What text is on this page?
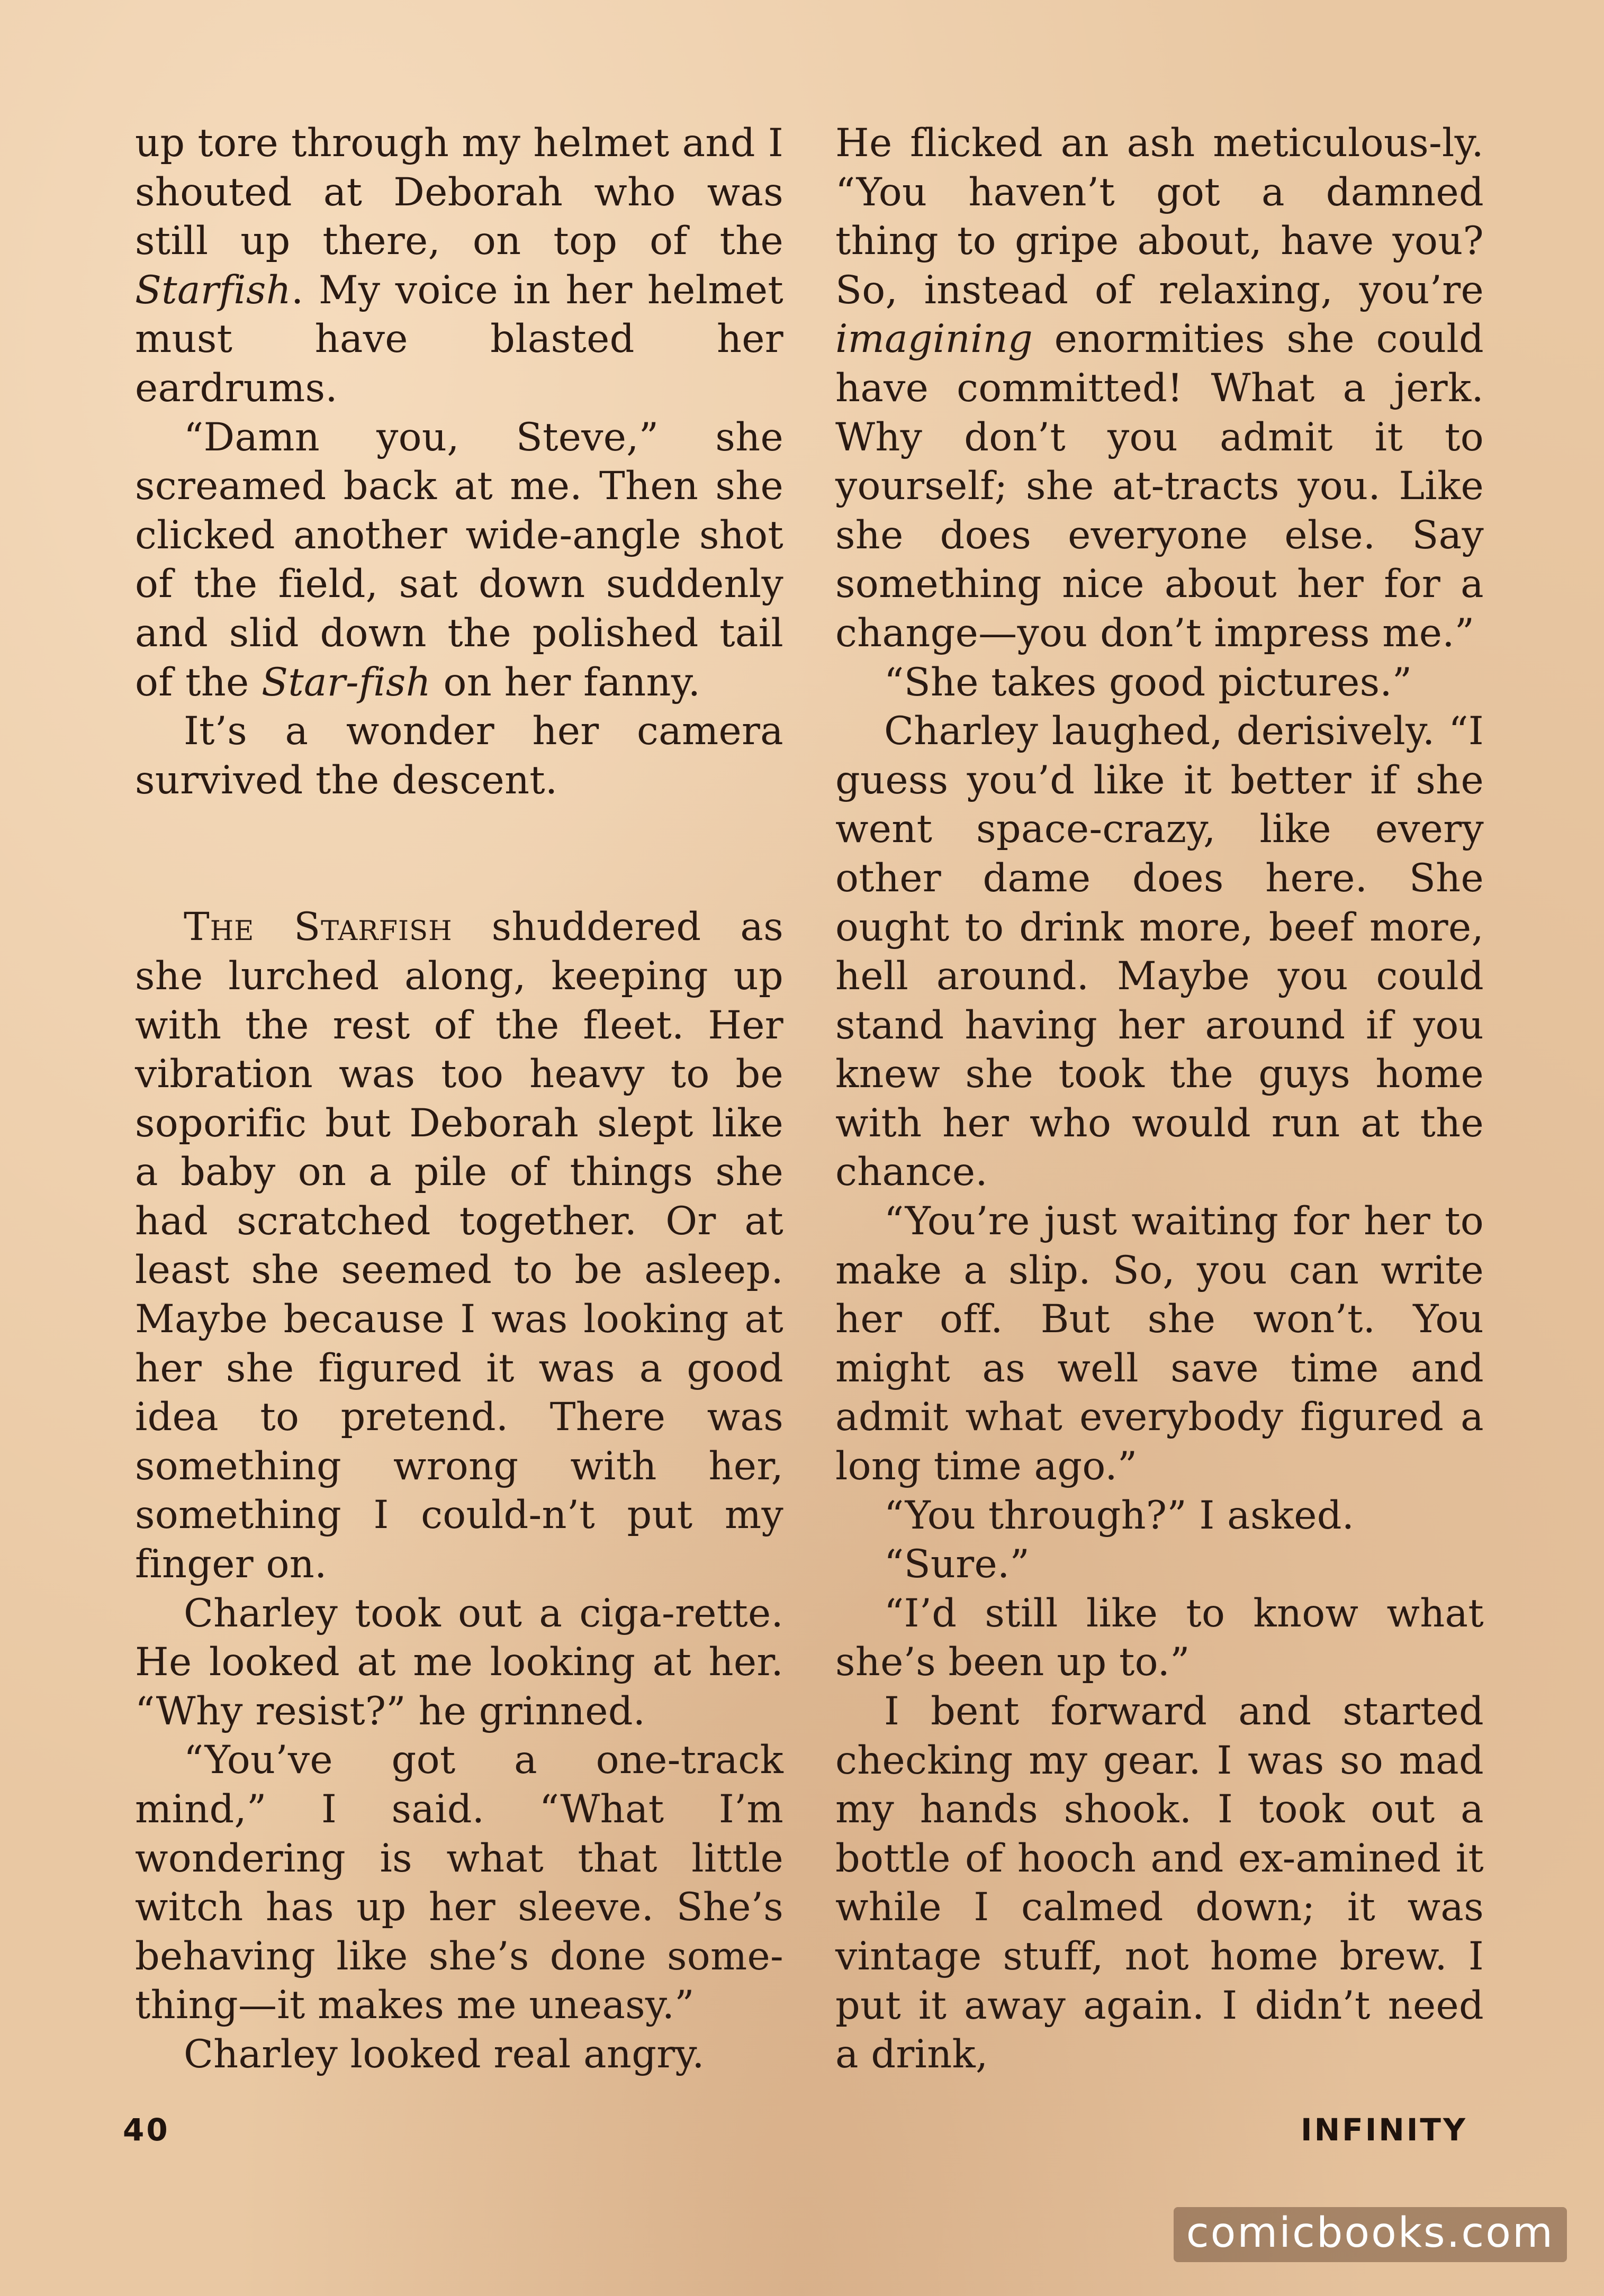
up tore through my helmet and I shouted at Deborah who was still up there, on top of the Starfish. My voice in her helmet must have blasted her eardrums.

“Damn you, Steve,” she screamed back at me. Then she clicked another wide-angle shot of the field, sat down suddenly and slid down the polished tail of the Star-fish on her fanny.

It’s a wonder her camera survived the descent.

The Starfish shuddered as she lurched along, keeping up with the rest of the fleet. Her vibration was too heavy to be soporific but Deborah slept like a baby on a pile of things she had scratched together. Or at least she seemed to be asleep. Maybe because I was looking at her she figured it was a good idea to pretend. There was something wrong with her, something I could-n’t put my finger on.

Charley took out a ciga-rette. He looked at me looking at her. “Why resist?” he grinned.

“You’ve got a one-track mind,” I said. “What I’m wondering is what that little witch has up her sleeve. She’s behaving like she’s done some-thing—it makes me uneasy.”

Charley looked real angry.

He flicked an ash meticulous-ly. “You haven’t got a damned thing to gripe about, have you? So, instead of relaxing, you’re imagining enormities she could have committed! What a jerk. Why don’t you admit it to yourself; she at-tracts you. Like she does everyone else. Say something nice about her for a change—you don’t impress me.”

“She takes good pictures.”

Charley laughed, derisively. “I guess you’d like it better if she went space-crazy, like every other dame does here. She ought to drink more, beef more, hell around. Maybe you could stand having her around if you knew she took the guys home with her who would run at the chance.

“You’re just waiting for her to make a slip. So, you can write her off. But she won’t. You might as well save time and admit what everybody figured a long time ago.”

“You through?” I asked.

“Sure.”

“I’d still like to know what she’s been up to.”

I bent forward and started checking my gear. I was so mad my hands shook. I took out a bottle of hooch and ex-amined it while I calmed down; it was vintage stuff, not home brew. I put it away again. I didn’t need a drink,

40	INFINITY
comicbooks.com
